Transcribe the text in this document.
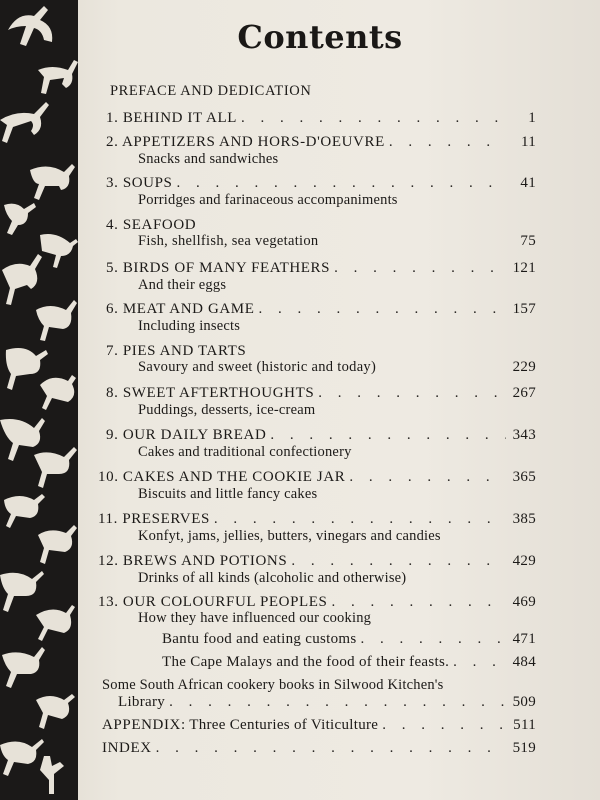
Contents
PREFACE AND DEDICATION
1. BEHIND IT ALL . . .	1
2. APPETIZERS AND HORS-D'OEUVRE . . .	11
Snacks and sandwiches
3. SOUPS . . .	41
Porridges and farinaceous accompaniments
4. SEAFOOD
Fish, shellfish, sea vegetation	75
5. BIRDS OF MANY FEATHERS . . .	121
And their eggs
6. MEAT AND GAME . . .	157
Including insects
7. PIES AND TARTS
Savoury and sweet (historic and today)	229
8. SWEET AFTERTHOUGHTS . . .	267
Puddings, desserts, ice-cream
9. OUR DAILY BREAD . . .	343
Cakes and traditional confectionery
10. CAKES AND THE COOKIE JAR . . .	365
Biscuits and little fancy cakes
11. PRESERVES . . .	385
Konfyt, jams, jellies, butters, vinegars and candies
12. BREWS AND POTIONS . . .	429
Drinks of all kinds (alcoholic and otherwise)
13. OUR COLOURFUL PEOPLES . . .	469
How they have influenced our cooking
Bantu food and eating customs . . .	471
The Cape Malays and the food of their feasts. . . .	484
Some South African cookery books in Silwood Kitchen's
Library . . .	509
APPENDIX: Three Centuries of Viticulture . . .	511
INDEX . . .	519
